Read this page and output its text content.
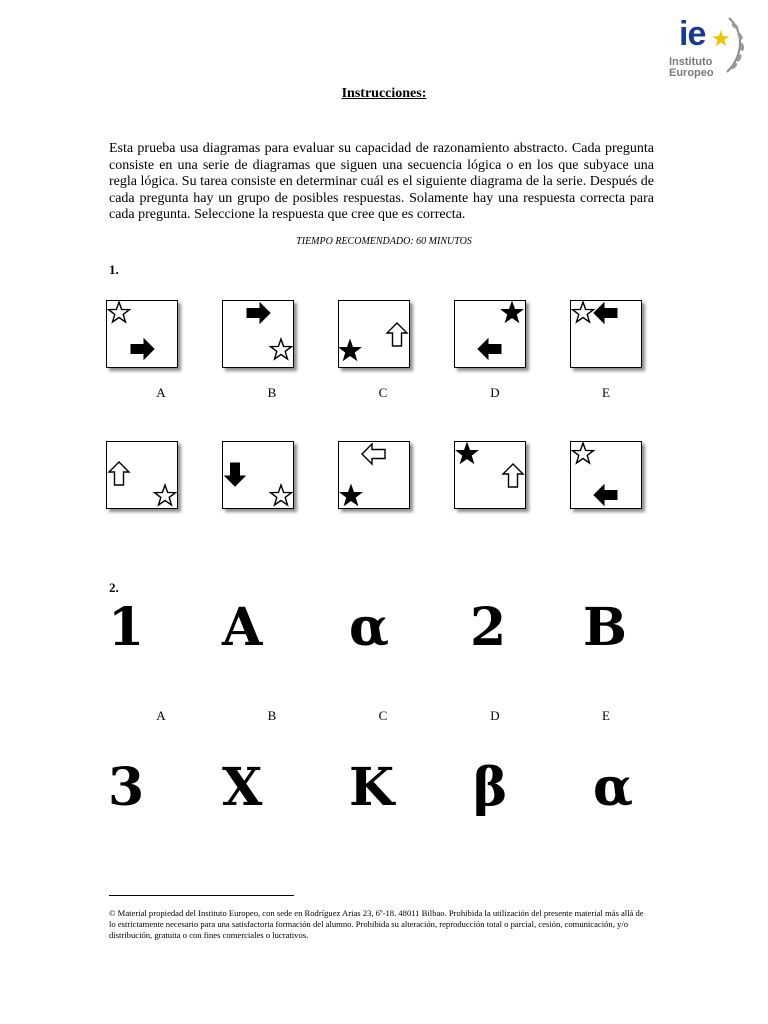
ie ★
Instituto
Europeo
Instrucciones:
Esta prueba usa diagramas para evaluar su capacidad de razonamiento abstracto. Cada pregunta consiste en una serie de diagramas que siguen una secuencia lógica o en los que subyace una regla lógica. Su tarea consiste en determinar cuál es el siguiente diagrama de la serie. Después de cada pregunta hay un grupo de posibles respuestas. Solamente hay una respuesta correcta para cada pregunta. Seleccione la respuesta que cree que es correcta.
TIEMPO RECOMENDADO: 60 MINUTOS
1.
A	B	C	D	E
2.
1 A α 2 B
A	B	C	D	E
3 X K β α
© Material propiedad del Instituto Europeo, con sede en Rodríguez Arias 23, 6º-18. 48011 Bilbao. Prohibida la utilización del presente material más allá de lo estrictamente necesario para una satisfactoria formación del alumno. Prohibida su alteración, reproducción total o parcial, cesión, comunicación, y/o distribución, gratuita o con fines comerciales o lucrativos.
